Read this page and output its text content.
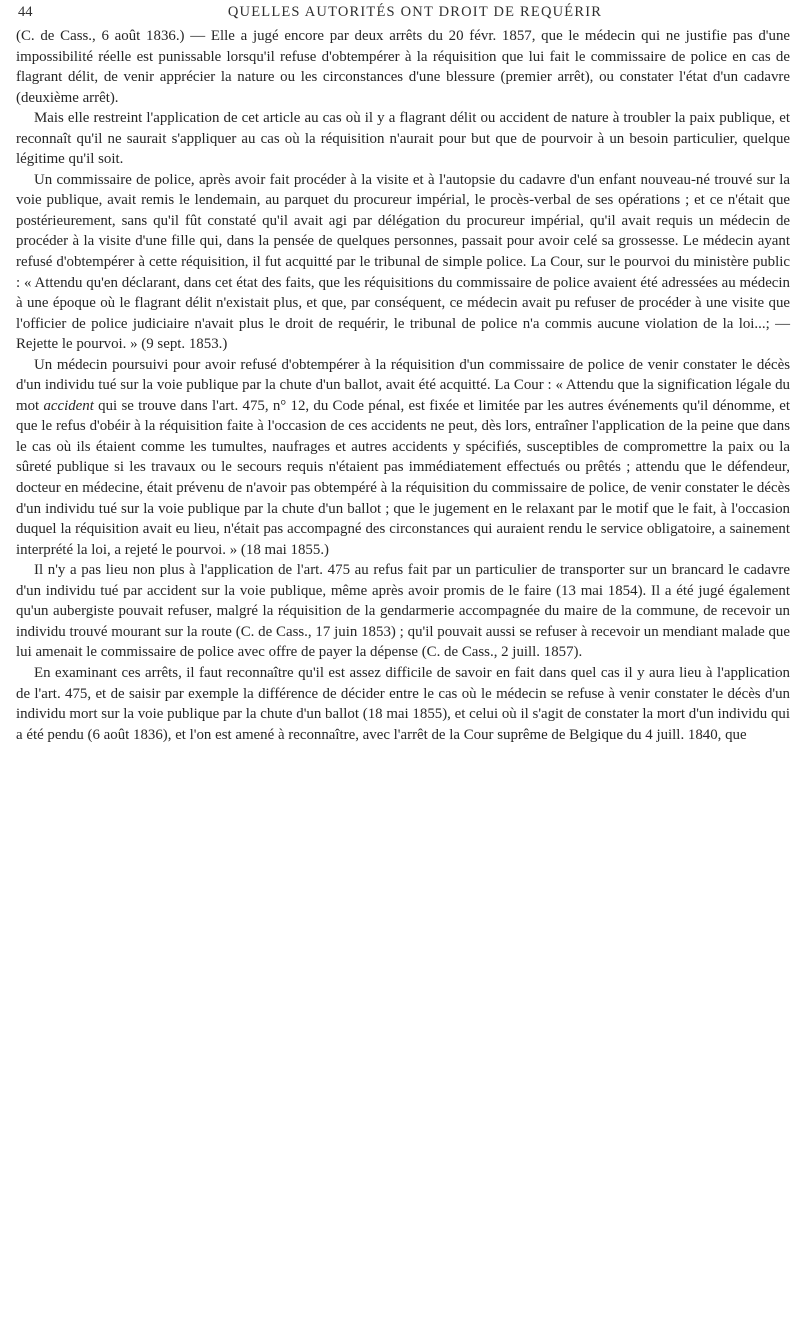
44	QUELLES AUTORITÉS ONT DROIT DE REQUÉRIR

(C. de Cass., 6 août 1836.) — Elle a jugé encore par deux arrêts du 20 févr. 1857, que le médecin qui ne justifie pas d'une impossibilité réelle est punissable lorsqu'il refuse d'obtempérer à la réquisition que lui fait le commissaire de police en cas de flagrant délit, de venir apprécier la nature ou les circonstances d'une blessure (premier arrêt), ou constater l'état d'un cadavre (deuxième arrêt).

Mais elle restreint l'application de cet article au cas où il y a flagrant délit ou accident de nature à troubler la paix publique, et reconnaît qu'il ne saurait s'appliquer au cas où la réquisition n'aurait pour but que de pourvoir à un besoin particulier, quelque légitime qu'il soit.

Un commissaire de police, après avoir fait procéder à la visite et à l'autopsie du cadavre d'un enfant nouveau-né trouvé sur la voie publique, avait remis le lendemain, au parquet du procureur impérial, le procès-verbal de ses opérations ; et ce n'était que postérieurement, sans qu'il fût constaté qu'il avait agi par délégation du procureur impérial, qu'il avait requis un médecin de procéder à la visite d'une fille qui, dans la pensée de quelques personnes, passait pour avoir celé sa grossesse. Le médecin ayant refusé d'obtempérer à cette réquisition, il fut acquitté par le tribunal de simple police. La Cour, sur le pourvoi du ministère public : « Attendu qu'en déclarant, dans cet état des faits, que les réquisitions du commissaire de police avaient été adressées au médecin à une époque où le flagrant délit n'existait plus, et que, par conséquent, ce médecin avait pu refuser de procéder à une visite que l'officier de police judiciaire n'avait plus le droit de requérir, le tribunal de police n'a commis aucune violation de la loi...; — Rejette le pourvoi. » (9 sept. 1853.)

Un médecin poursuivi pour avoir refusé d'obtempérer à la réquisition d'un commissaire de police de venir constater le décès d'un individu tué sur la voie publique par la chute d'un ballot, avait été acquitté. La Cour : « Attendu que la signification légale du mot accident qui se trouve dans l'art. 475, n° 12, du Code pénal, est fixée et limitée par les autres événements qu'il dénomme, et que le refus d'obéir à la réquisition faite à l'occasion de ces accidents ne peut, dès lors, entraîner l'application de la peine que dans le cas où ils étaient comme les tumultes, naufrages et autres accidents y spécifiés, susceptibles de compromettre la paix ou la sûreté publique si les travaux ou le secours requis n'étaient pas immédiatement effectués ou prêtés ; attendu que le défendeur, docteur en médecine, était prévenu de n'avoir pas obtempéré à la réquisition du commissaire de police, de venir constater le décès d'un individu tué sur la voie publique par la chute d'un ballot ; que le jugement en le relaxant par le motif que le fait, à l'occasion duquel la réquisition avait eu lieu, n'était pas accompagné des circonstances qui auraient rendu le service obligatoire, a sainement interprété la loi, a rejeté le pourvoi. » (18 mai 1855.)

Il n'y a pas lieu non plus à l'application de l'art. 475 au refus fait par un particulier de transporter sur un brancard le cadavre d'un individu tué par accident sur la voie publique, même après avoir promis de le faire (13 mai 1854). Il a été jugé également qu'un aubergiste pouvait refuser, malgré la réquisition de la gendarmerie accompagnée du maire de la commune, de recevoir un individu trouvé mourant sur la route (C. de Cass., 17 juin 1853) ; qu'il pouvait aussi se refuser à recevoir un mendiant malade que lui amenait le commissaire de police avec offre de payer la dépense (C. de Cass., 2 juill. 1857).

En examinant ces arrêts, il faut reconnaître qu'il est assez difficile de savoir en fait dans quel cas il y aura lieu à l'application de l'art. 475, et de saisir par exemple la différence de décider entre le cas où le médecin se refuse à venir constater le décès d'un individu mort sur la voie publique par la chute d'un ballot (18 mai 1855), et celui où il s'agit de constater la mort d'un individu qui a été pendu (6 août 1836), et l'on est amené à reconnaître, avec l'arrêt de la Cour suprême de Belgique du 4 juill. 1840, que
